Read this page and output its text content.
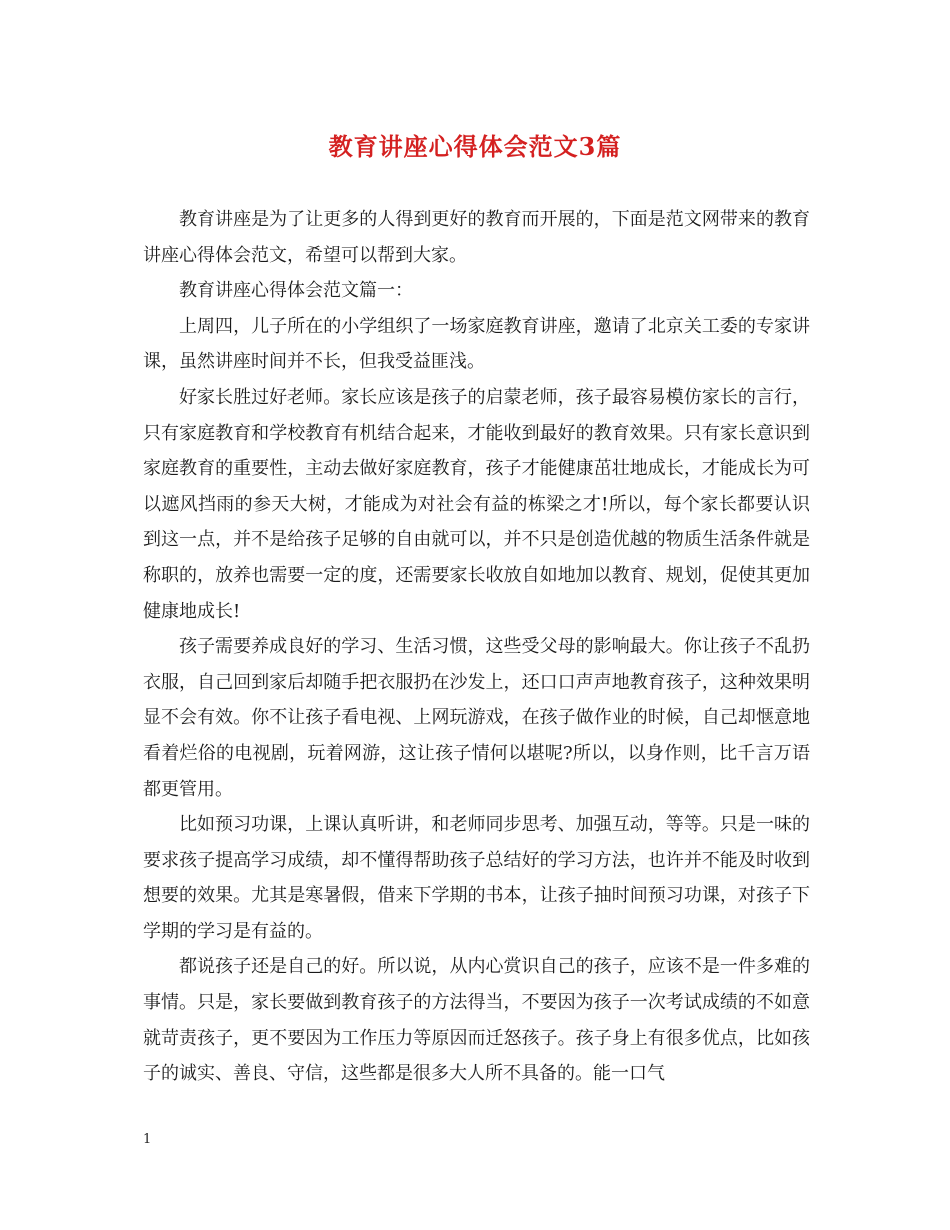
教育讲座心得体会范文3篇

教育讲座是为了让更多的人得到更好的教育而开展的，下面是范文网带来的教育讲座心得体会范文，希望可以帮到大家。

教育讲座心得体会范文篇一：

上周四，儿子所在的小学组织了一场家庭教育讲座，邀请了北京关工委的专家讲课，虽然讲座时间并不长，但我受益匪浅。

好家长胜过好老师。家长应该是孩子的启蒙老师，孩子最容易模仿家长的言行，只有家庭教育和学校教育有机结合起来，才能收到最好的教育效果。只有家长意识到家庭教育的重要性，主动去做好家庭教育，孩子才能健康茁壮地成长，才能成长为可以遮风挡雨的参天大树，才能成为对社会有益的栋梁之才!所以，每个家长都要认识到这一点，并不是给孩子足够的自由就可以，并不只是创造优越的物质生活条件就是称职的，放养也需要一定的度，还需要家长收放自如地加以教育、规划，促使其更加健康地成长!

孩子需要养成良好的学习、生活习惯，这些受父母的影响最大。你让孩子不乱扔衣服，自己回到家后却随手把衣服扔在沙发上，还口口声声地教育孩子，这种效果明显不会有效。你不让孩子看电视、上网玩游戏，在孩子做作业的时候，自己却惬意地看着烂俗的电视剧，玩着网游，这让孩子情何以堪呢?所以，以身作则，比千言万语都更管用。

比如预习功课，上课认真听讲，和老师同步思考、加强互动，等等。只是一味的要求孩子提高学习成绩，却不懂得帮助孩子总结好的学习方法，也许并不能及时收到想要的效果。尤其是寒暑假，借来下学期的书本，让孩子抽时间预习功课，对孩子下学期的学习是有益的。

都说孩子还是自己的好。所以说，从内心赏识自己的孩子，应该不是一件多难的事情。只是，家长要做到教育孩子的方法得当，不要因为孩子一次考试成绩的不如意就苛责孩子，更不要因为工作压力等原因而迁怒孩子。孩子身上有很多优点，比如孩子的诚实、善良、守信，这些都是很多大人所不具备的。能一口气

1
